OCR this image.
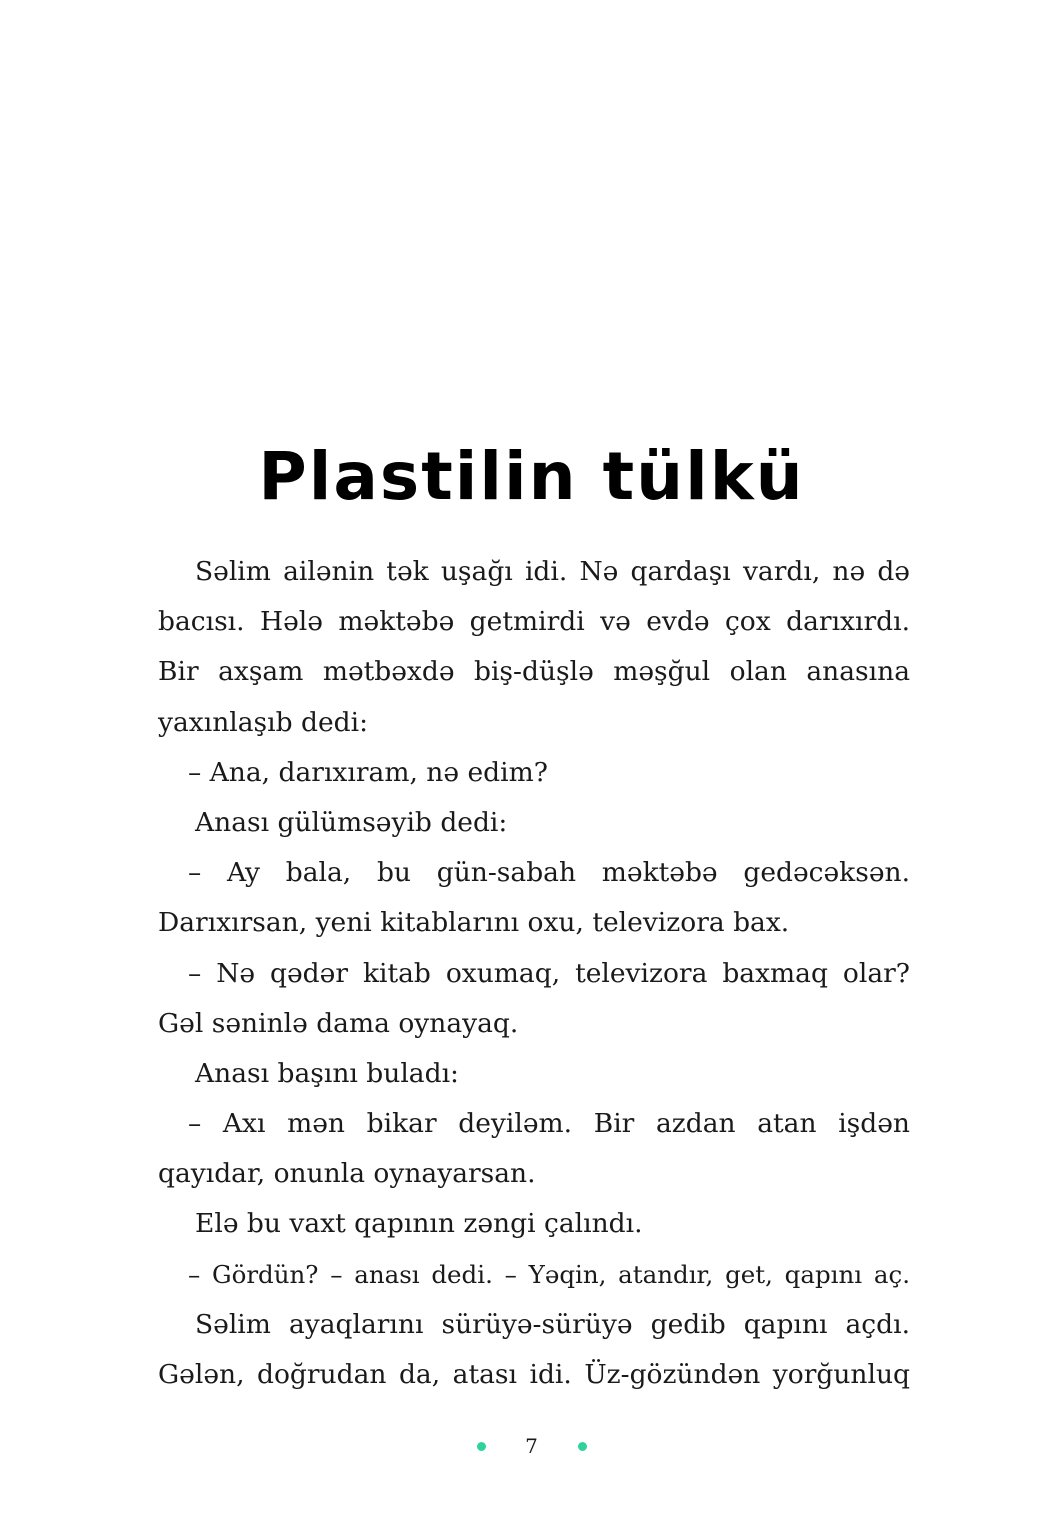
Plastilin tülkü

Səlim ailənin tək uşağı idi. Nə qardaşı vardı, nə də

bacısı. Hələ məktəbə getmirdi və evdə çox darıxırdı.

Bir axşam mətbəxdə biş-düşlə məşğul olan anasına

yaxınlaşıb dedi:

– Ana, darıxıram, nə edim?

Anası gülümsəyib dedi:

– Ay bala, bu gün-sabah məktəbə gedəcəksən.

Darıxırsan, yeni kitablarını oxu, televizora bax.

– Nə qədər kitab oxumaq, televizora baxmaq olar?

Gəl səninlə dama oynayaq.

Anası başını buladı:

– Axı mən bikar deyiləm. Bir azdan atan işdən

qayıdar, onunla oynayarsan.

Elə bu vaxt qapının zəngi çalındı.

– Gördün? – anası dedi. – Yəqin, atandır, get, qapını aç.

Səlim ayaqlarını sürüyə-sürüyə gedib qapını açdı.

Gələn, doğrudan da, atası idi. Üz-gözündən yorğunluq

7
